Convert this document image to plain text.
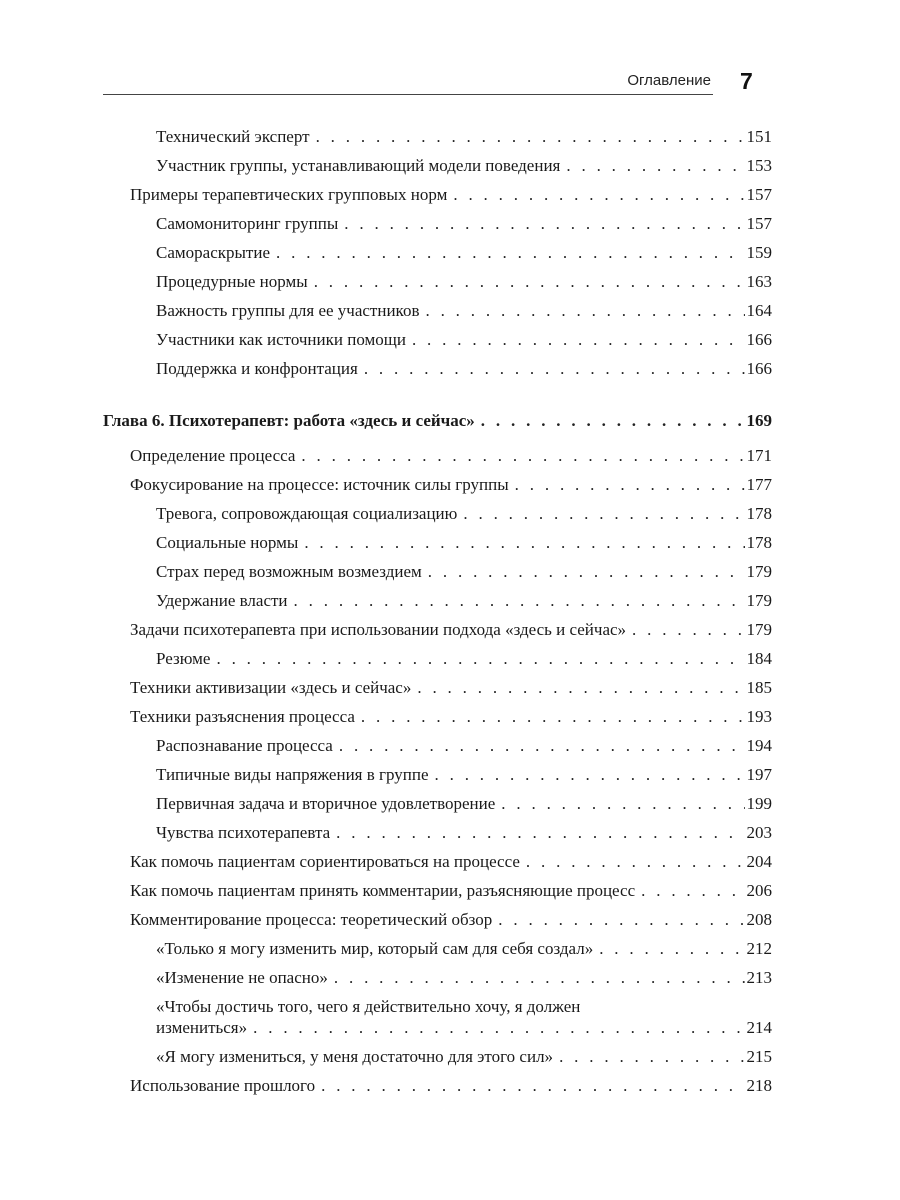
Оглавление 7
Технический эксперт . . .	151
Участник группы, устанавливающий модели поведения . . .	153
Примеры терапевтических групповых норм . . .	157
Самомониторинг группы . . .	157
Самораскрытие . . .	159
Процедурные нормы . . .	163
Важность группы для ее участников . . .	164
Участники как источники помощи . . .	166
Поддержка и конфронтация . . .	166
Глава 6. Психотерапевт: работа «здесь и сейчас» . . .	169
Определение процесса . . .	171
Фокусирование на процессе: источник силы группы . . .	177
Тревога, сопровождающая социализацию . . .	178
Социальные нормы . . .	178
Страх перед возможным возмездием . . .	179
Удержание власти . . .	179
Задачи психотерапевта при использовании подхода «здесь и сейчас» . . .	179
Резюме . . .	184
Техники активизации «здесь и сейчас» . . .	185
Техники разъяснения процесса . . .	193
Распознавание процесса . . .	194
Типичные виды напряжения в группе . . .	197
Первичная задача и вторичное удовлетворение . . .	199
Чувства психотерапевта . . .	203
Как помочь пациентам сориентироваться на процессе . . .	204
Как помочь пациентам принять комментарии, разъясняющие процесс . . .	206
Комментирование процесса: теоретический обзор . . .	208
«Только я могу изменить мир, который сам для себя создал» . . .	212
«Изменение не опасно» . . .	213
«Чтобы достичь того, чего я действительно хочу, я должен
измениться» . . .	214
«Я могу измениться, у меня достаточно для этого сил» . . .	215
Использование прошлого . . .	218
